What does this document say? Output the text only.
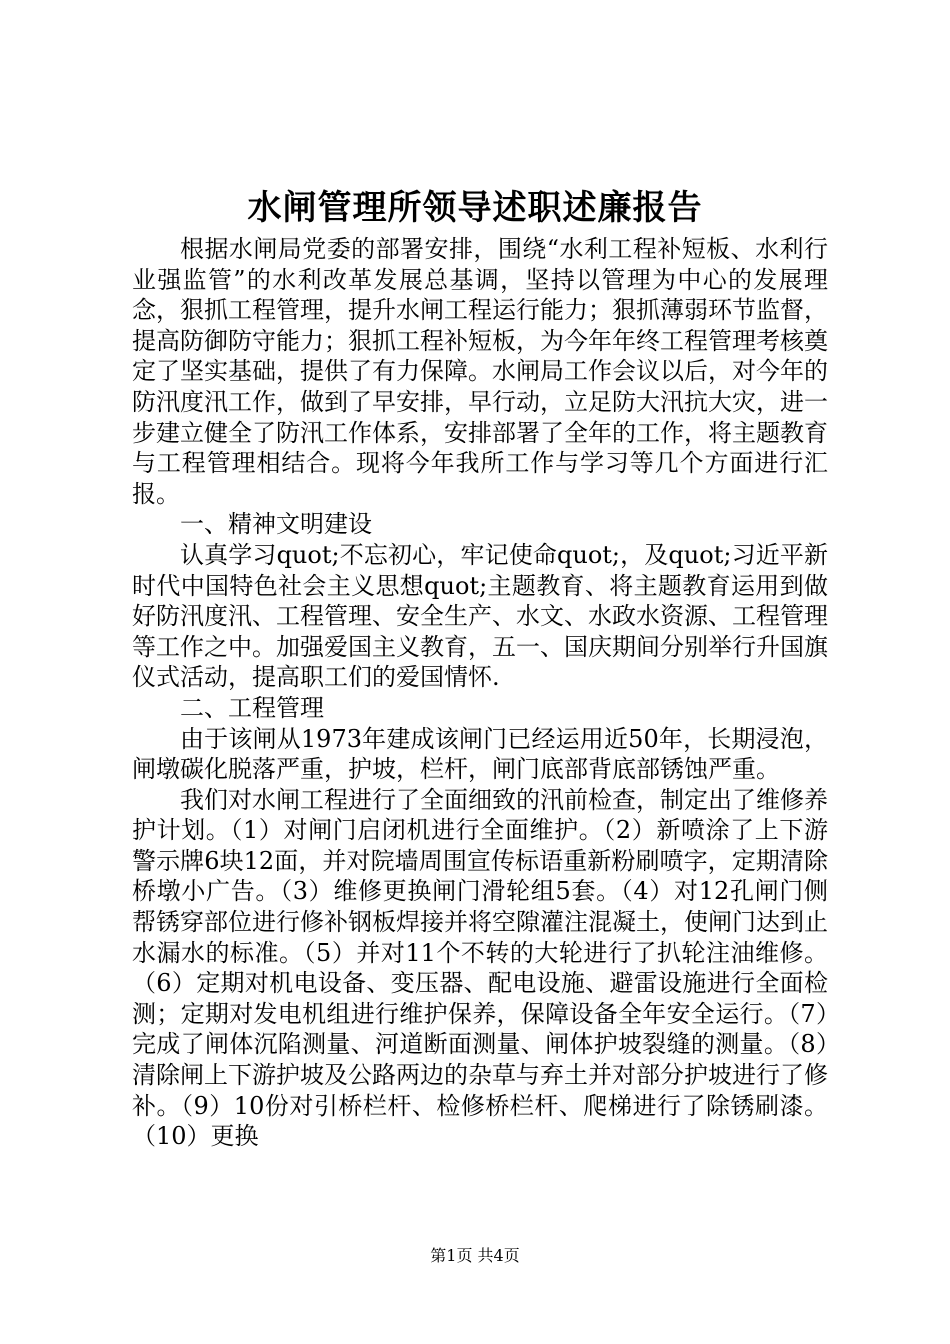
水闸管理所领导述职述廉报告

根据水闸局党委的部署安排，围绕“水利工程补短板、水利行业强监管”的水利改革发展总基调，坚持以管理为中心的发展理念，狠抓工程管理，提升水闸工程运行能力；狠抓薄弱环节监督，提高防御防守能力；狠抓工程补短板，为今年年终工程管理考核奠定了坚实基础，提供了有力保障。水闸局工作会议以后，对今年的防汛度汛工作，做到了早安排，早行动，立足防大汛抗大灾，进一步建立健全了防汛工作体系，安排部署了全年的工作，将主题教育与工程管理相结合。现将今年我所工作与学习等几个方面进行汇报。

一、精神文明建设

认真学习quot;不忘初心，牢记使命quot;，及quot;习近平新时代中国特色社会主义思想quot;主题教育、将主题教育运用到做好防汛度汛、工程管理、安全生产、水文、水政水资源、工程管理等工作之中。加强爱国主义教育，五一、国庆期间分别举行升国旗仪式活动，提高职工们的爱国情怀.

二、工程管理

由于该闸从1973年建成该闸门已经运用近50年，长期浸泡，闸墩碳化脱落严重，护坡，栏杆，闸门底部背底部锈蚀严重。

我们对水闸工程进行了全面细致的汛前检查，制定出了维修养护计划。（1）对闸门启闭机进行全面维护。（2）新喷涂了上下游警示牌6块12面，并对院墙周围宣传标语重新粉刷喷字，定期清除桥墩小广告。（3）维修更换闸门滑轮组5套。（4）对12孔闸门侧帮锈穿部位进行修补钢板焊接并将空隙灌注混凝土，使闸门达到止水漏水的标准。（5）并对11个不转的大轮进行了扒轮注油维修。（6）定期对机电设备、变压器、配电设施、避雷设施进行全面检测；定期对发电机组进行维护保养，保障设备全年安全运行。（7）完成了闸体沉陷测量、河道断面测量、闸体护坡裂缝的测量。（8）清除闸上下游护坡及公路两边的杂草与弃土并对部分护坡进行了修补。（9）10份对引桥栏杆、检修桥栏杆、爬梯进行了除锈刷漆。（10）更换

第1页 共4页
